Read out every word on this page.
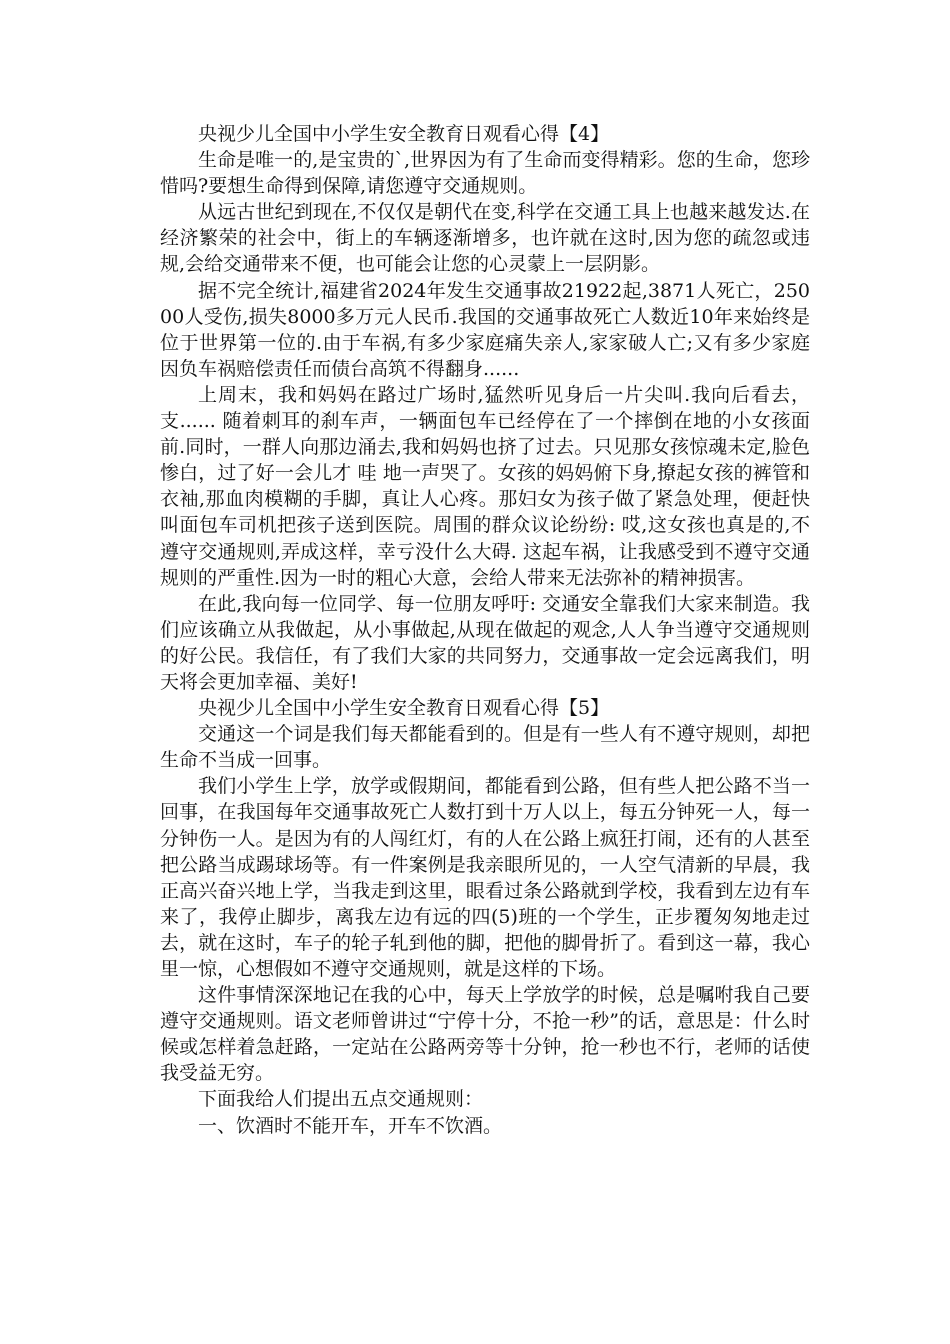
央视少儿全国中小学生安全教育日观看心得【4】

生命是唯一的,是宝贵的`,世界因为有了生命而变得精彩。您的生命，您珍惜吗?要想生命得到保障,请您遵守交通规则。

从远古世纪到现在,不仅仅是朝代在变,科学在交通工具上也越来越发达.在经济繁荣的社会中，街上的车辆逐渐增多，也许就在这时,因为您的疏忽或违规,会给交通带来不便，也可能会让您的心灵蒙上一层阴影。

据不完全统计,福建省2024年发生交通事故21922起,3871人死亡，25000人受伤,损失8000多万元人民币.我国的交通事故死亡人数近10年来始终是位于世界第一位的.由于车祸,有多少家庭痛失亲人,家家破人亡;又有多少家庭因负车祸赔偿责任而债台高筑不得翻身......

上周末，我和妈妈在路过广场时,猛然听见身后一片尖叫.我向后看去， 支...... 随着刺耳的刹车声，一辆面包车已经停在了一个摔倒在地的小女孩面前.同时，一群人向那边涌去,我和妈妈也挤了过去。只见那女孩惊魂未定,脸色惨白，过了好一会儿才 哇 地一声哭了。女孩的妈妈俯下身,撩起女孩的裤管和衣袖,那血肉模糊的手脚，真让人心疼。那妇女为孩子做了紧急处理，便赶快叫面包车司机把孩子送到医院。周围的群众议论纷纷: 哎,这女孩也真是的,不遵守交通规则,弄成这样，幸亏没什么大碍. 这起车祸，让我感受到不遵守交通规则的严重性.因为一时的粗心大意，会给人带来无法弥补的精神损害。

在此,我向每一位同学、每一位朋友呼吁: 交通安全靠我们大家来制造。我们应该确立从我做起，从小事做起,从现在做起的观念,人人争当遵守交通规则的好公民。我信任，有了我们大家的共同努力，交通事故一定会远离我们，明天将会更加幸福、美好!

央视少儿全国中小学生安全教育日观看心得【5】

交通这一个词是我们每天都能看到的。但是有一些人有不遵守规则，却把生命不当成一回事。

我们小学生上学，放学或假期间，都能看到公路，但有些人把公路不当一回事，在我国每年交通事故死亡人数打到十万人以上，每五分钟死一人，每一分钟伤一人。是因为有的人闯红灯，有的人在公路上疯狂打闹，还有的人甚至把公路当成踢球场等。有一件案例是我亲眼所见的，一人空气清新的早晨，我正高兴奋兴地上学，当我走到这里，眼看过条公路就到学校，我看到左边有车来了，我停止脚步，离我左边有远的四(5)班的一个学生，正步覆匆匆地走过去，就在这时，车子的轮子轧到他的脚，把他的脚骨折了。看到这一幕，我心里一惊，心想假如不遵守交通规则，就是这样的下场。

这件事情深深地记在我的心中，每天上学放学的时候，总是嘱咐我自己要遵守交通规则。语文老师曾讲过“宁停十分，不抢一秒”的话，意思是：什么时候或怎样着急赶路，一定站在公路两旁等十分钟，抢一秒也不行，老师的话使我受益无穷。

下面我给人们提出五点交通规则：

一、饮酒时不能开车，开车不饮酒。
